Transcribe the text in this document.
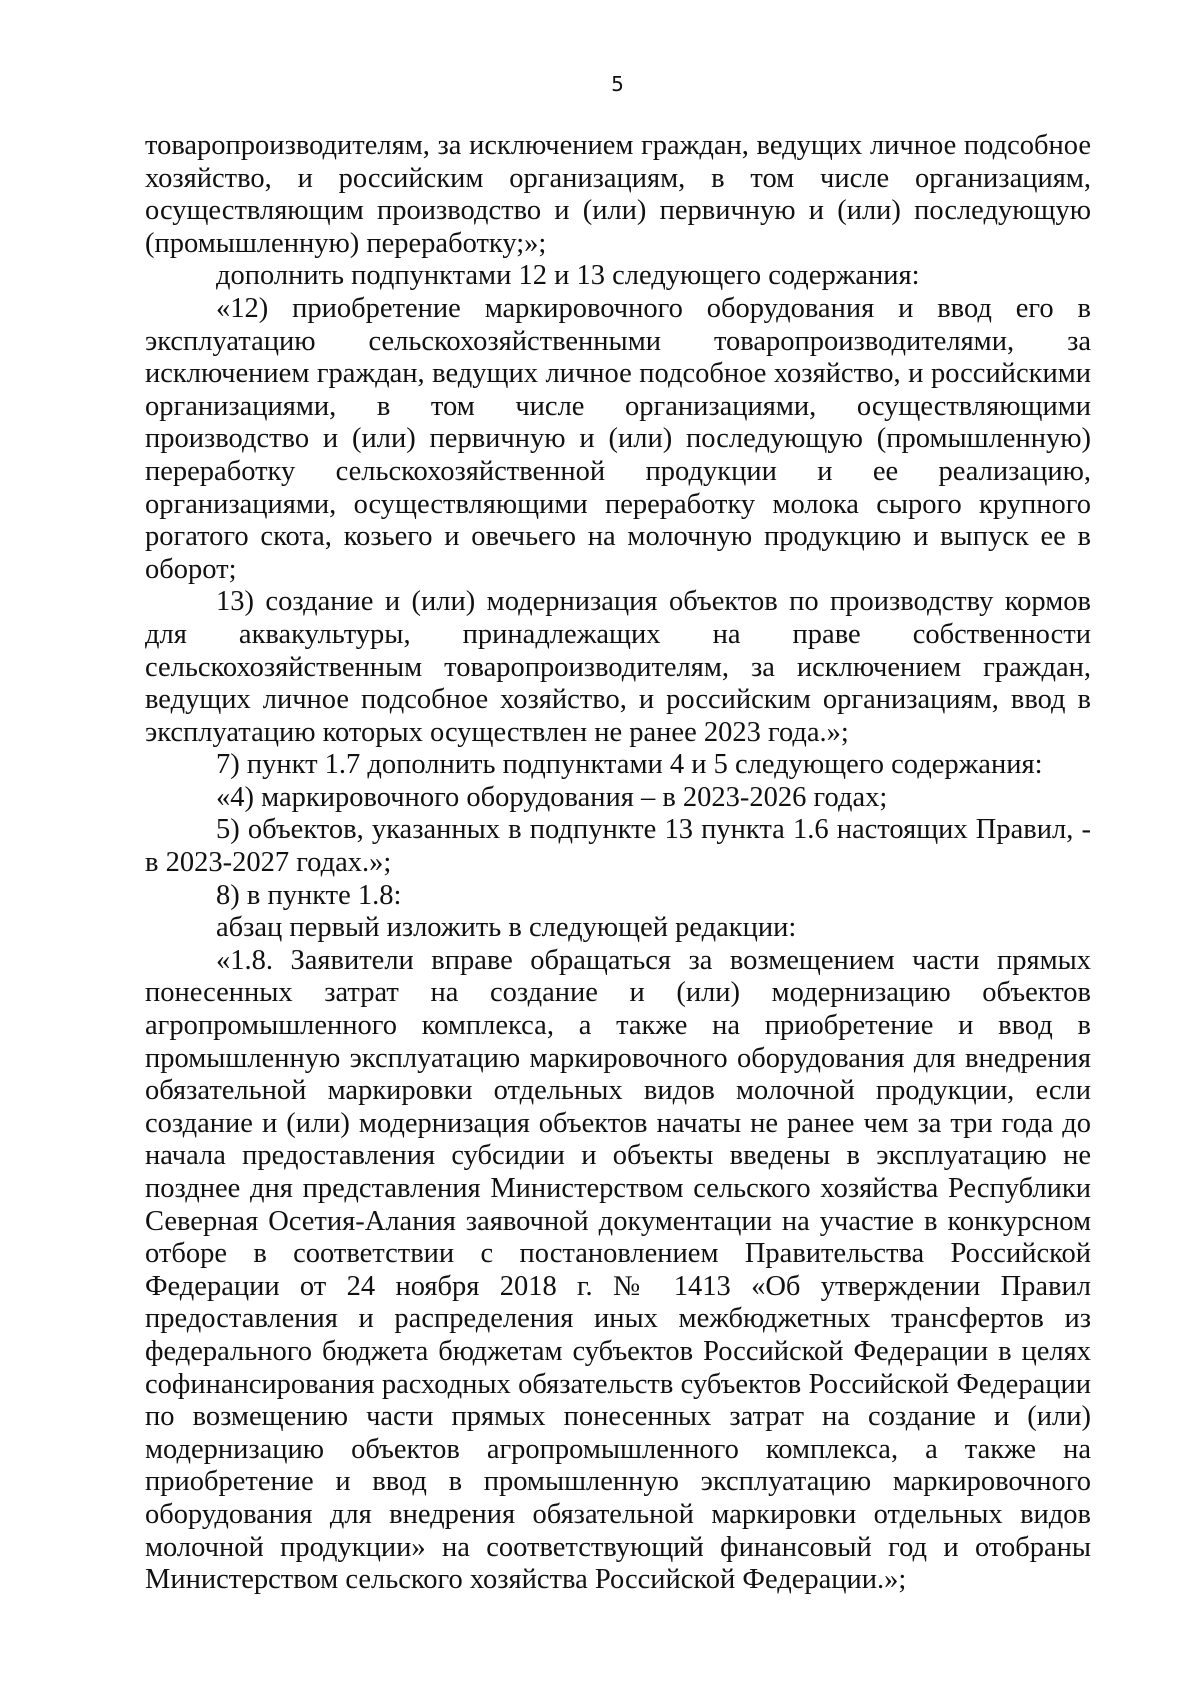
5

товаропроизводителям, за исключением граждан, ведущих личное подсобное хозяйство, и российским организациям, в том числе организациям, осуществляющим производство и (или) первичную и (или) последующую (промышленную) переработку;»;

дополнить подпунктами 12 и 13 следующего содержания:

«12) приобретение маркировочного оборудования и ввод его в эксплуатацию сельскохозяйственными товаропроизводителями, за исключением граждан, ведущих личное подсобное хозяйство, и российскими организациями, в том числе организациями, осуществляющими производство и (или) первичную и (или) последующую (промышленную) переработку сельскохозяйственной продукции и ее реализацию, организациями, осуществляющими переработку молока сырого крупного рогатого скота, козьего и овечьего на молочную продукцию и выпуск ее в оборот;

13) создание и (или) модернизация объектов по производству кормов для аквакультуры, принадлежащих на праве собственности сельскохозяйственным товаропроизводителям, за исключением граждан, ведущих личное подсобное хозяйство, и российским организациям, ввод в эксплуатацию которых осуществлен не ранее 2023 года.»;

7) пункт 1.7 дополнить подпунктами 4 и 5 следующего содержания:

«4) маркировочного оборудования – в 2023-2026 годах;

5) объектов, указанных в подпункте 13 пункта 1.6 настоящих Правил, - в 2023-2027 годах.»;

8) в пункте 1.8:

абзац первый изложить в следующей редакции:

«1.8. Заявители вправе обращаться за возмещением части прямых понесенных затрат на создание и (или) модернизацию объектов агропромышленного комплекса, а также на приобретение и ввод в промышленную эксплуатацию маркировочного оборудования для внедрения обязательной маркировки отдельных видов молочной продукции, если создание и (или) модернизация объектов начаты не ранее чем за три года до начала предоставления субсидии и объекты введены в эксплуатацию не позднее дня представления Министерством сельского хозяйства Республики Северная Осетия-Алания заявочной документации на участие в конкурсном отборе в соответствии с постановлением Правительства Российской Федерации от 24 ноября 2018 г. № 1413 «Об утверждении Правил предоставления и распределения иных межбюджетных трансфертов из федерального бюджета бюджетам субъектов Российской Федерации в целях софинансирования расходных обязательств субъектов Российской Федерации по возмещению части прямых понесенных затрат на создание и (или) модернизацию объектов агропромышленного комплекса, а также на приобретение и ввод в промышленную эксплуатацию маркировочного оборудования для внедрения обязательной маркировки отдельных видов молочной продукции» на соответствующий финансовый год и отобраны Министерством сельского хозяйства Российской Федерации.»;
